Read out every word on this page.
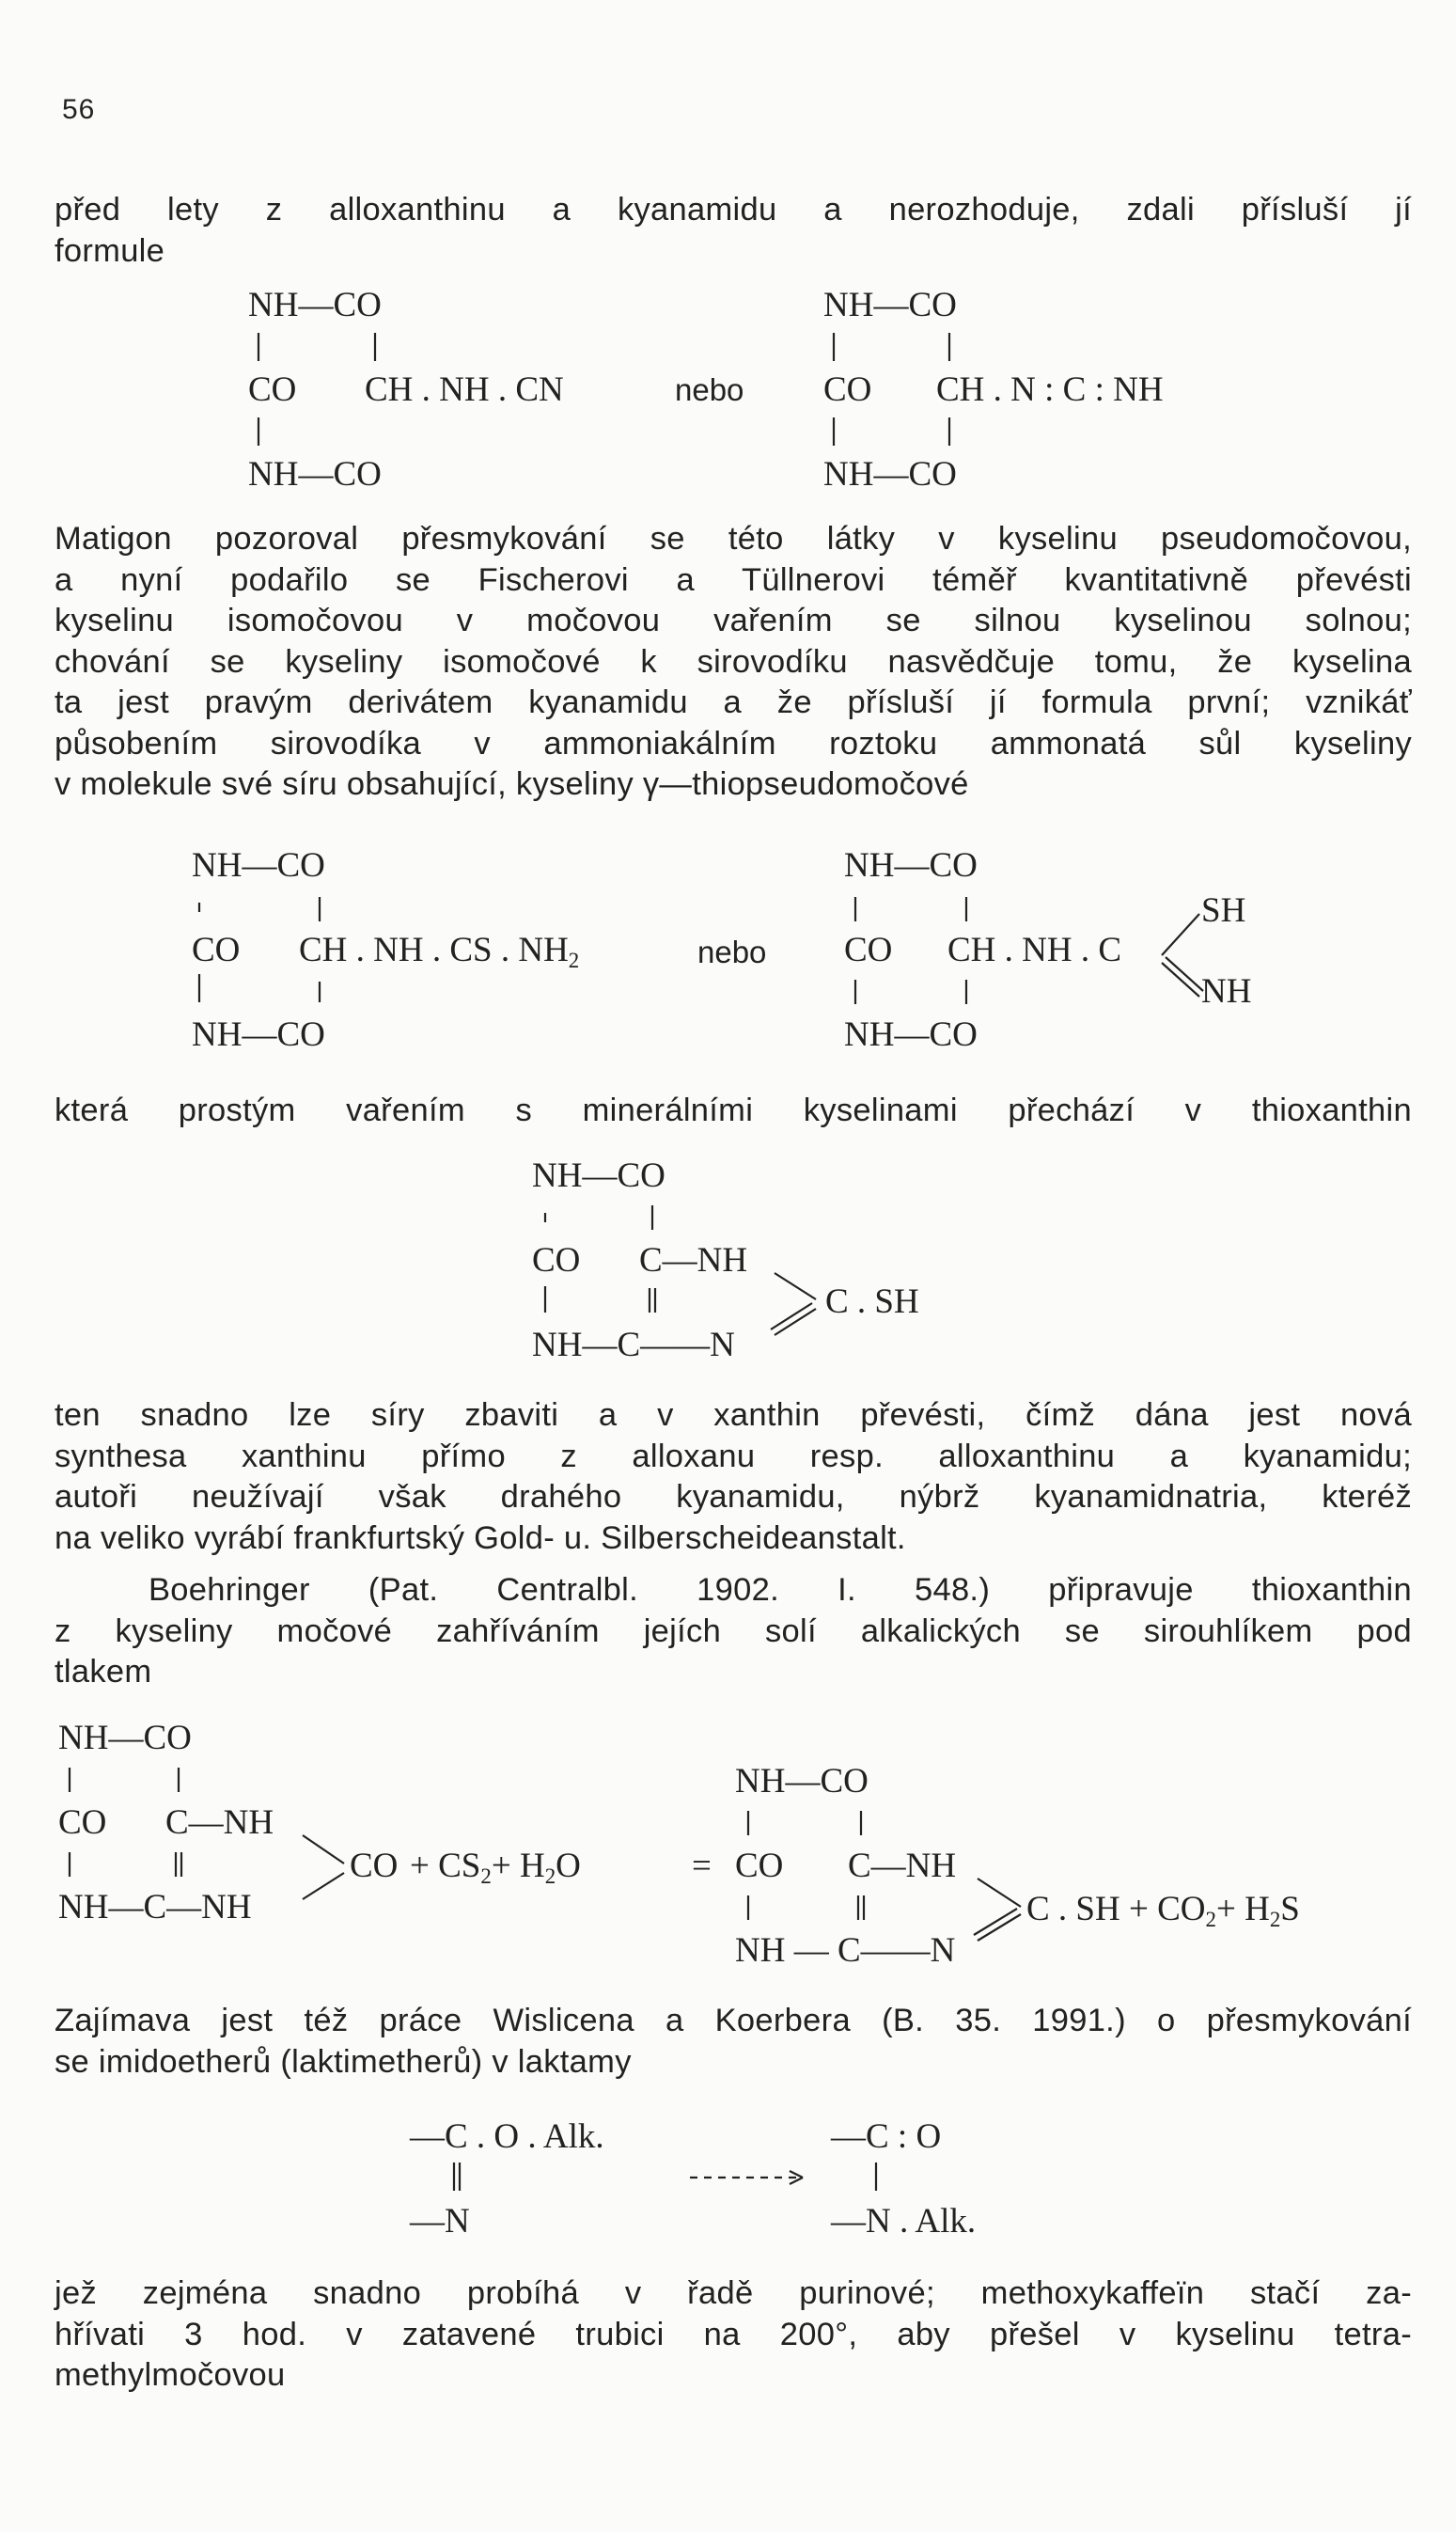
56
před lety z alloxanthinu a kyanamidu a nerozhoduje, zdali přísluší jí
formule
NH—CO
CO CH . NH . CN
NH—CO
nebo
NH—CO
CO CH . N : C : NH
NH—CO
Matigon pozoroval přesmykování se této látky v kyselinu pseudomočovou,
a nyní podařilo se Fischerovi a Tüllnerovi téměř kvantitativně převésti
kyselinu isomočovou v močovou vařením se silnou kyselinou solnou;
chování se kyseliny isomočové k sirovodíku nasvědčuje tomu, že kyselina
ta jest pravým derivátem kyanamidu a že přísluší jí formula první; vznikáť
působením sirovodíka v ammoniakálním roztoku ammonatá sůl kyseliny
v molekule své síru obsahující, kyseliny γ—thiopseudomočové
NH—CO
CO CH . NH . CS . $NH_2$
NH—CO
nebo
NH—CO
CO CH . NH . C
SH
NH
NH—CO
která prostým vařením s minerálními kyselinami přechází v thioxanthin
NH—CO
CO C—NH
NH—C——N
C . SH
ten snadno lze síry zbaviti a v xanthin převésti, čímž dána jest nová
synthesa xanthinu přímo z alloxanu resp. alloxanthinu a kyanamidu;
autoři neužívají však drahého kyanamidu, nýbrž kyanamidnatria, kteréž
na veliko vyrábí frankfurtský Gold- u. Silberscheideanstalt.
Boehringer (Pat. Centralbl. 1902. I. 548.) připravuje thioxanthin
z kyseliny močové zahříváním jejích solí alkalických se sirouhlíkem pod
tlakem
NH—CO
CO C—NH
NH—C—NH
CO + $CS_2+ H_2O$	=
NH—CO
CO C—NH
NH — C——N
C . SH + $CO_2+ H_2S$
Zajímava jest též práce Wislicena a Koerbera (B. 35. 1991.) o přesmykování
se imidoetherů (laktimetherů) v laktamy
—C . O . Alk.
—N
—C : O
—N . Alk.
jež zejména snadno probíhá v řadě purinové; methoxykaffeïn stačí za-
hřívati 3 hod. v zatavené trubici na 200°, aby přešel v kyselinu tetra-
methylmočovou
